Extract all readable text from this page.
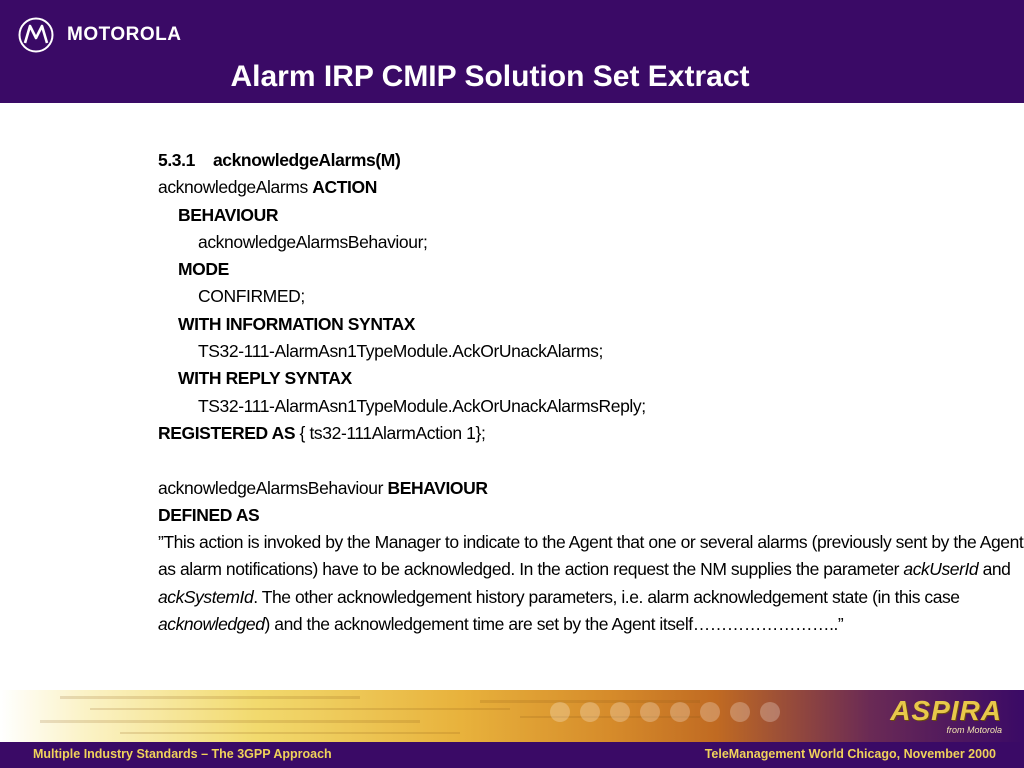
MOTOROLA
Alarm IRP CMIP Solution Set Extract
5.3.1 acknowledgeAlarms(M)
acknowledgeAlarms ACTION
BEHAVIOUR
acknowledgeAlarmsBehaviour;
MODE
CONFIRMED;
WITH INFORMATION SYNTAX
TS32-111-AlarmAsn1TypeModule.AckOrUnackAlarms;
WITH REPLY SYNTAX
TS32-111-AlarmAsn1TypeModule.AckOrUnackAlarmsReply;
REGISTERED AS { ts32-111AlarmAction 1};
acknowledgeAlarmsBehaviour BEHAVIOUR
DEFINED AS
”This action is invoked by the Manager to indicate to the Agent that one or several alarms (previously sent by the Agent as alarm notifications) have to be acknowledged. In the action request the NM supplies the parameter ackUserId and ackSystemId. The other acknowledgement history parameters, i.e. alarm acknowledgement state (in this case acknowledged) and the acknowledgement time are set by the Agent itself……………………..”
ASPIRA
from Motorola
Multiple Industry Standards – The 3GPP Approach	TeleManagement World Chicago, November 2000
